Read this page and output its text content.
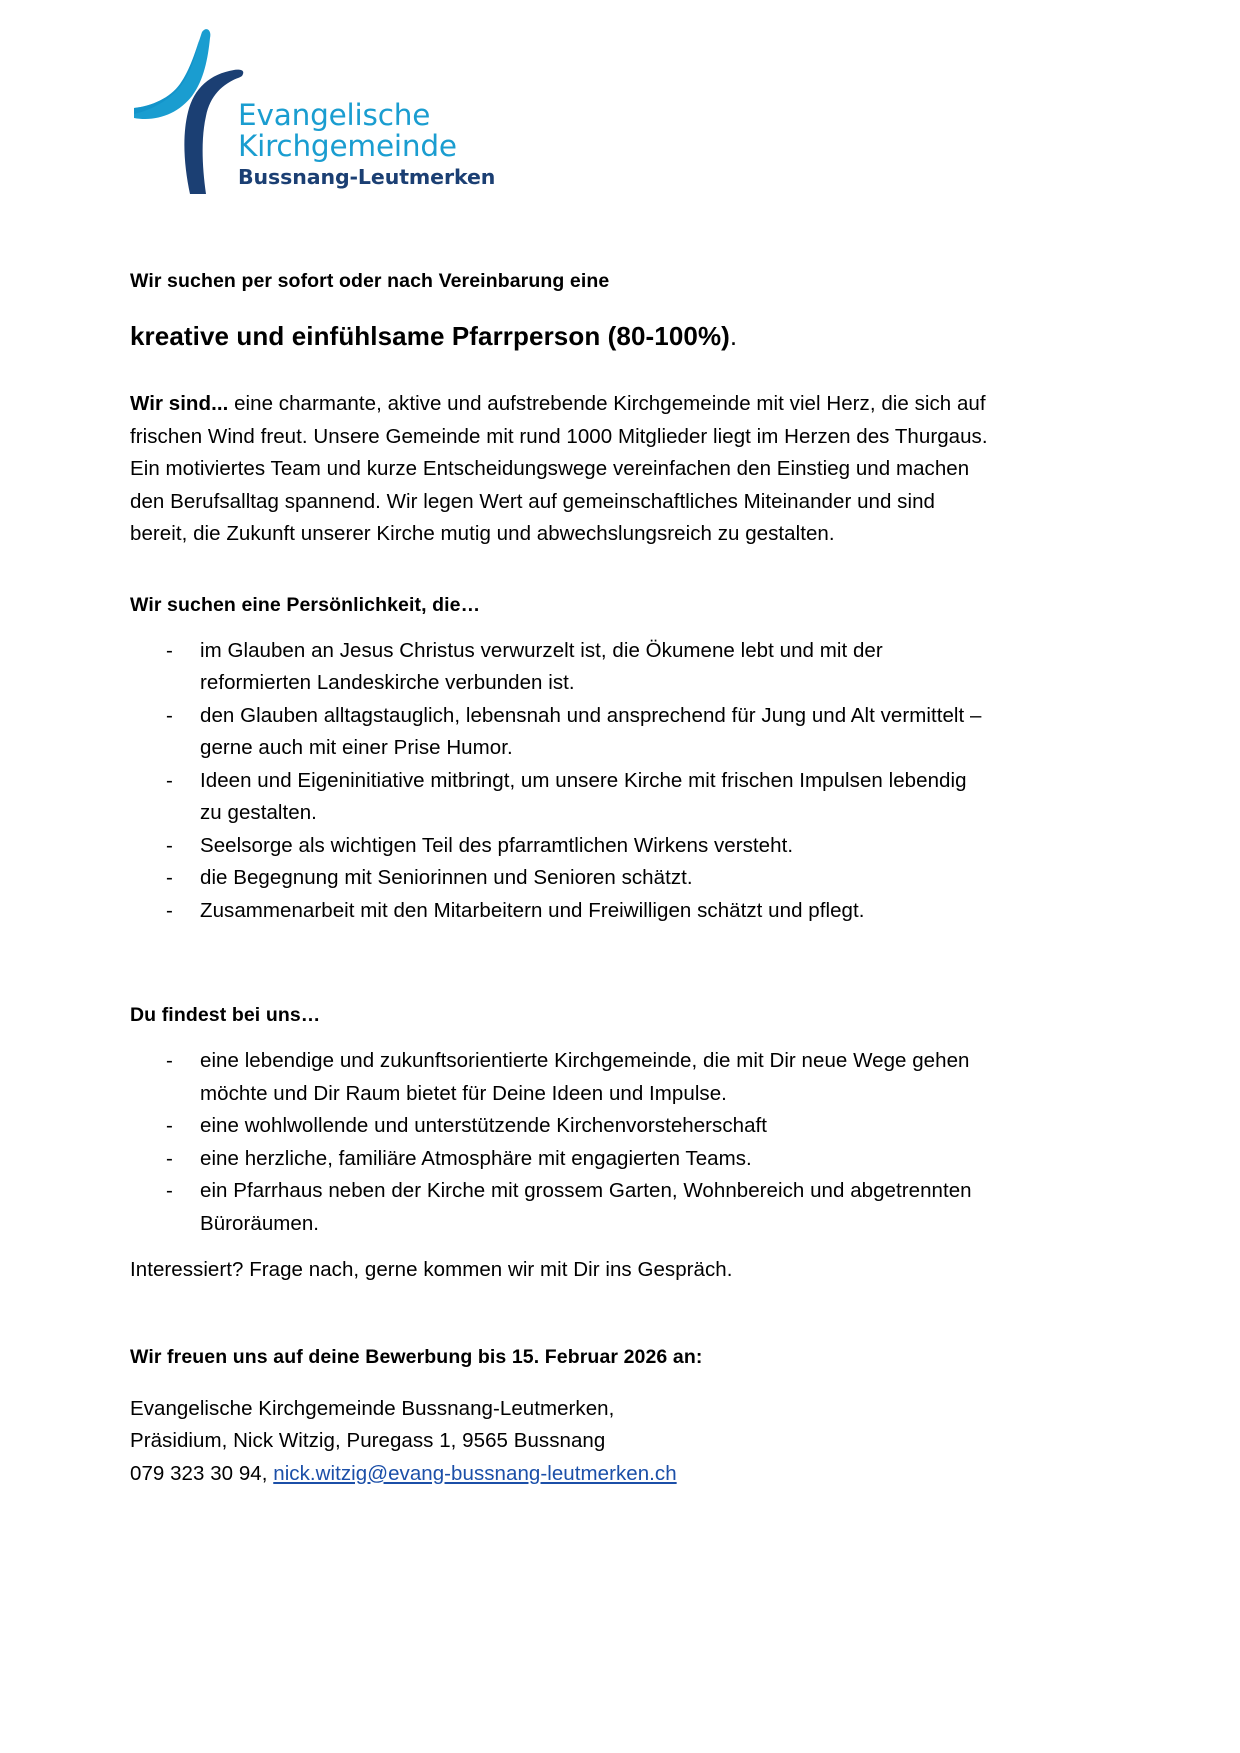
Evangelische
Kirchgemeinde
Bussnang-Leutmerken
Wir suchen per sofort oder nach Vereinbarung eine
kreative und einfühlsame Pfarrperson (80-100%).

Wir sind... eine charmante, aktive und aufstrebende Kirchgemeinde mit viel Herz, die sich auf frischen Wind freut. Unsere Gemeinde mit rund 1000 Mitglieder liegt im Herzen des Thurgaus. Ein motiviertes Team und kurze Entscheidungswege vereinfachen den Einstieg und machen den Berufsalltag spannend. Wir legen Wert auf gemeinschaftliches Miteinander und sind bereit, die Zukunft unserer Kirche mutig und abwechslungsreich zu gestalten.

Wir suchen eine Persönlichkeit, die…
-	im Glauben an Jesus Christus verwurzelt ist, die Ökumene lebt und mit der reformierten Landeskirche verbunden ist.
-	den Glauben alltagstauglich, lebensnah und ansprechend für Jung und Alt vermittelt – gerne auch mit einer Prise Humor.
-	Ideen und Eigeninitiative mitbringt, um unsere Kirche mit frischen Impulsen lebendig zu gestalten.
-	Seelsorge als wichtigen Teil des pfarramtlichen Wirkens versteht.
-	die Begegnung mit Seniorinnen und Senioren schätzt.
-	Zusammenarbeit mit den Mitarbeitern und Freiwilligen schätzt und pflegt.
Du findest bei uns…
-	eine lebendige und zukunftsorientierte Kirchgemeinde, die mit Dir neue Wege gehen möchte und Dir Raum bietet für Deine Ideen und Impulse.
-	eine wohlwollende und unterstützende Kirchenvorsteherschaft
-	eine herzliche, familiäre Atmosphäre mit engagierten Teams.
-	ein Pfarrhaus neben der Kirche mit grossem Garten, Wohnbereich und abgetrennten Büroräumen.

Interessiert? Frage nach, gerne kommen wir mit Dir ins Gespräch.

Wir freuen uns auf deine Bewerbung bis 15. Februar 2026 an:
Evangelische Kirchgemeinde Bussnang-Leutmerken,
Präsidium, Nick Witzig, Puregass 1, 9565 Bussnang
079 323 30 94, nick.witzig@evang-bussnang-leutmerken.ch
